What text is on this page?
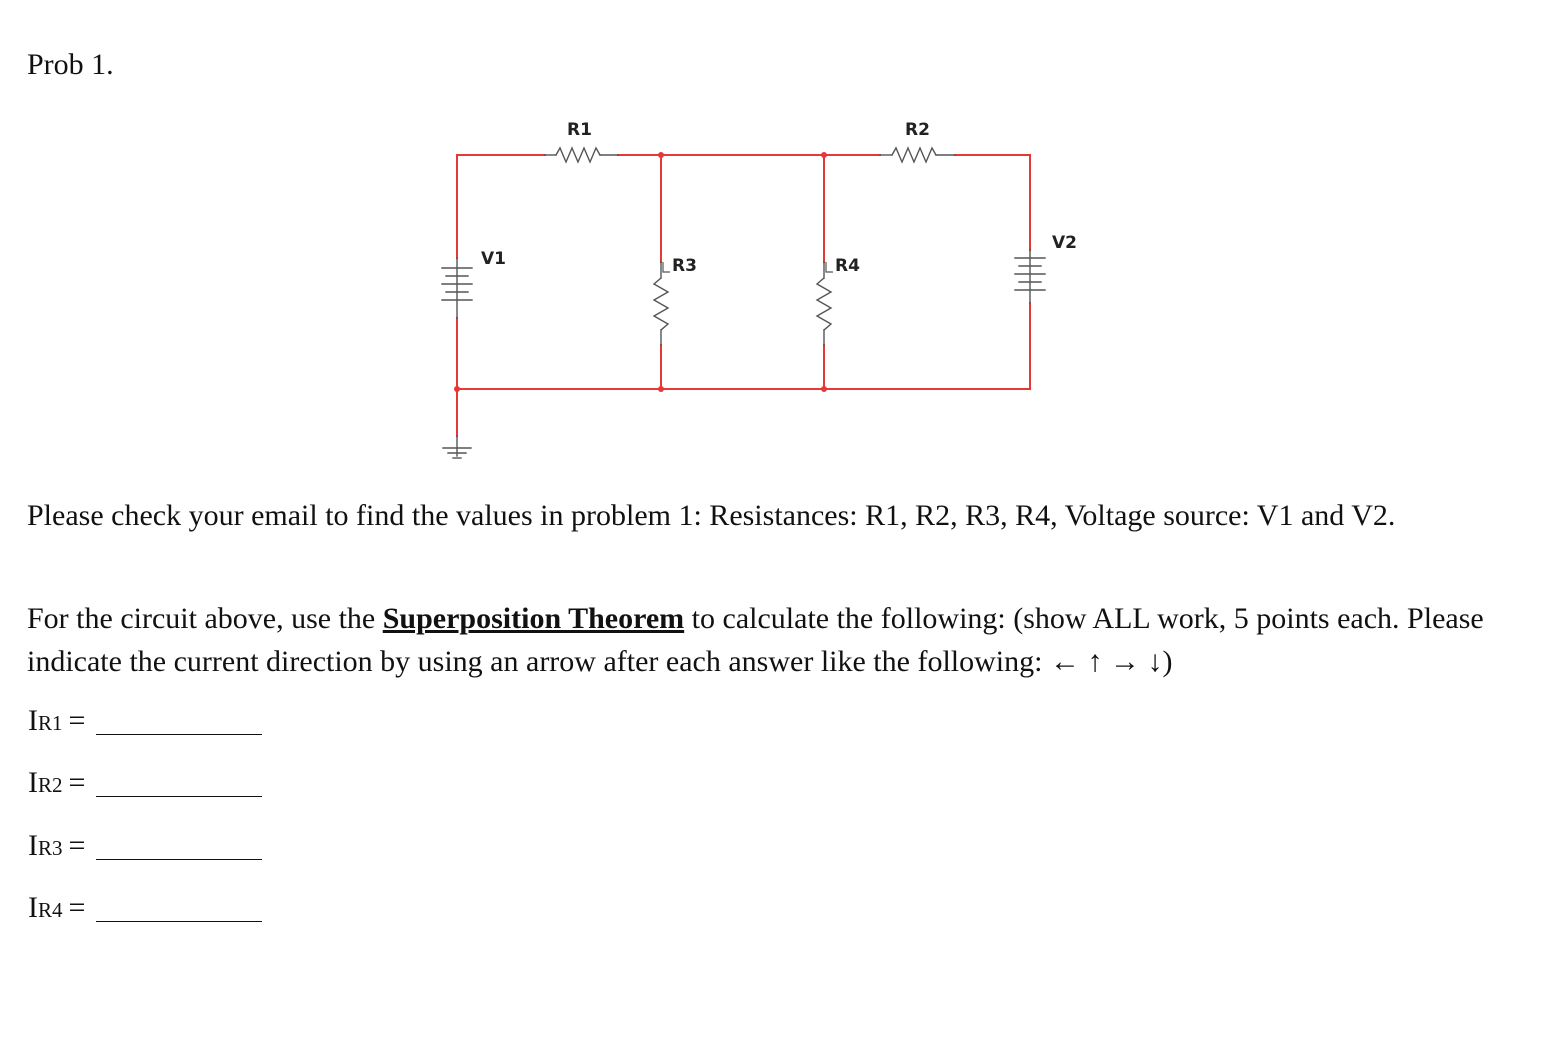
Prob 1.
R1	R2
V1
V2
R3	R4
Please check your email to find the values in problem 1: Resistances: R1, R2, R3, R4, Voltage source: V1 and V2.
For the circuit above, use the Superposition Theorem to calculate the following: (show ALL work, 5 points each. Please indicate the current direction by using an arrow after each answer like the following: ← ↑ → ↓)
IR1 =
IR2 =
IR3 =
IR4 =
